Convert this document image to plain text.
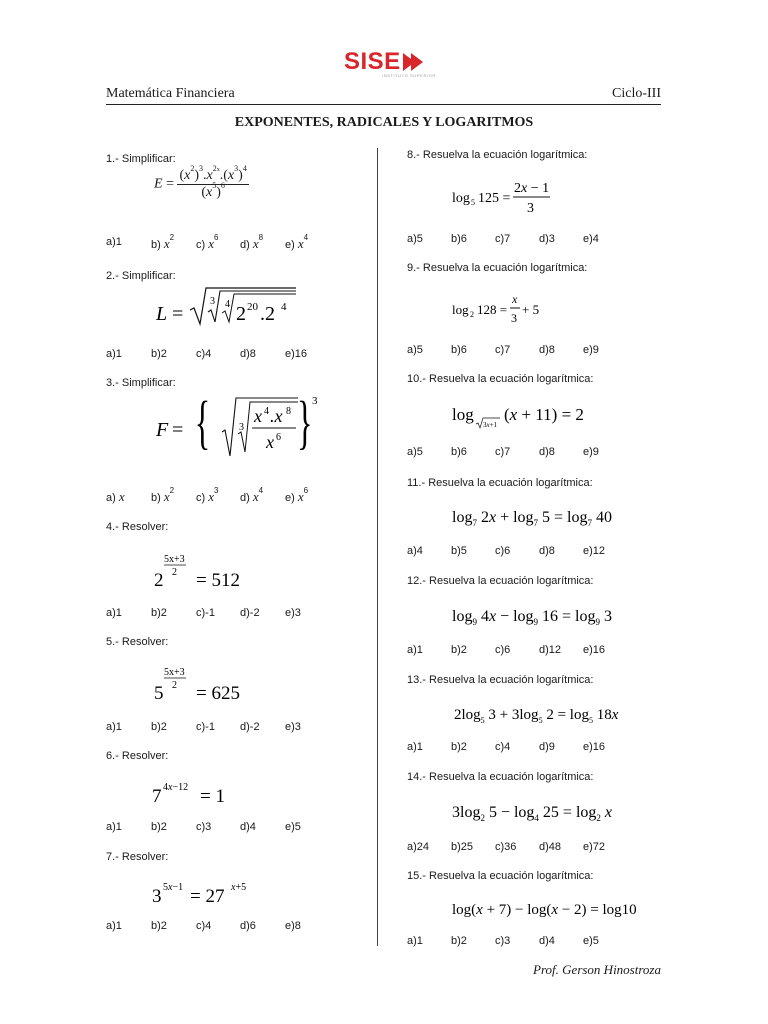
SISE
INSTITUTO SUPERIOR
Matemática Financiera	Ciclo-III
EXPONENTES, RADICALES Y LOGARITMOS
1.- Simplificar:
$E = \frac{(x^2)^3.x^{2x}.(x^3)^4}{(x^5)^6}$
a)1	b) $x^2$
c) $x^6$
d) $x^8$
e) $x^4$
2.- Simplificar:
L =
3 4 2 20 .2 4
a)1	b)2	c)4	d)8	e)16
3.- Simplificar:
F = {	3
x 4 .x 8
x 6 } 3
a) x b) $x^2$
c) $x^3$
d) $x^4$
e) $x^6$
4.- Resolver:
2
5x+3
2 = 512
a)1	b)2	c)-1 d)-2 e)3
5.- Resolver:
5
5x+3
2 = 625
a)1	b)2	c)-1 d)-2 e)3
6.- Resolver:
7 4x−12 = 1
a)1	b)2	c)3	d)4	e)5
7.- Resolver:
3 5x−1 = 27 x+5
a)1	b)2	c)4	d)6	e)8
8.- Resuelva la ecuación logarítmica:
log 5 125 =
2x − 1
3
a)5	b)6	c)7	d)3	e)4
9.- Resuelva la ecuación logarítmica:
log 2 128 =
x
3
+ 5
a)5	b)6	c)7	d)8	e)9
10.- Resuelva la ecuación logarítmica:
log
3x+1
(x + 11) = 2
a)5	b)6	c)7	d)8	e)9
11.- Resuelva la ecuación logarítmica:
$\log_7 2x + \log_7 5 = \log_7 40$
a)4	b)5	c)6	d)8	e)12
12.- Resuelva la ecuación logarítmica:
$\log_9 4x - \log_9 16 = \log_9 3$
a)1	b)2	c)6	d)12 e)16
13.- Resuelva la ecuación logarítmica:
$2\log_5$ $3 + 3\log_5$ $2 = \log_5 18x$
a)1	b)2	c)4	d)9	e)16
14.- Resuelva la ecuación logarítmica:
$3\log_2$ $5 - \log_4 25 = \log_2 x$
a)24 b)25 c)36 d)48 e)72
15.- Resuelva la ecuación logarítmica:
log(x + 7) − log(x − 2) = log10
a)1	b)2	c)3	d)4	e)5
Prof. Gerson Hinostroza
